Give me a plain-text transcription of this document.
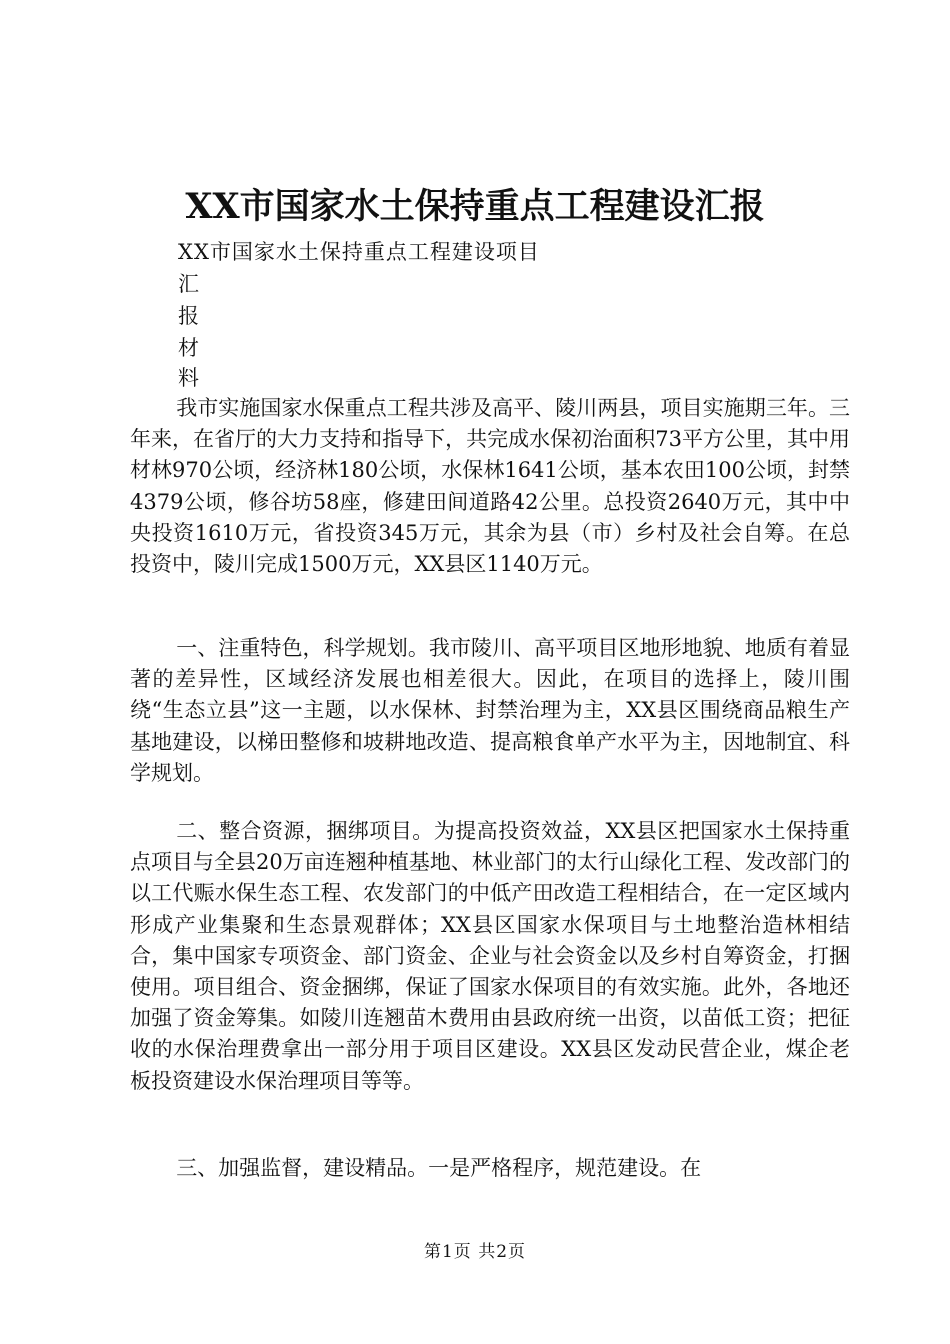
XX市国家水土保持重点工程建设汇报
XX市国家水土保持重点工程建设项目
汇
报
材
料

我市实施国家水保重点工程共涉及高平、陵川两县，项目实施期三年。三年来，在省厅的大力支持和指导下，共完成水保初治面积73平方公里，其中用材林970公顷，经济林180公顷，水保林1641公顷，基本农田100公顷，封禁4379公顷，修谷坊58座，修建田间道路42公里。总投资2640万元，其中中央投资1610万元，省投资345万元，其余为县（市）乡村及社会自筹。在总投资中，陵川完成1500万元，XX县区1140万元。

一、注重特色，科学规划。我市陵川、高平项目区地形地貌、地质有着显著的差异性，区域经济发展也相差很大。因此，在项目的选择上，陵川围绕“生态立县”这一主题，以水保林、封禁治理为主，XX县区围绕商品粮生产基地建设，以梯田整修和坡耕地改造、提高粮食单产水平为主，因地制宜、科学规划。

二、整合资源，捆绑项目。为提高投资效益，XX县区把国家水土保持重点项目与全县20万亩连翘种植基地、林业部门的太行山绿化工程、发改部门的以工代赈水保生态工程、农发部门的中低产田改造工程相结合，在一定区域内形成产业集聚和生态景观群体；XX县区国家水保项目与土地整治造林相结合，集中国家专项资金、部门资金、企业与社会资金以及乡村自筹资金，打捆使用。项目组合、资金捆绑，保证了国家水保项目的有效实施。此外，各地还加强了资金筹集。如陵川连翘苗木费用由县政府统一出资，以苗低工资；把征收的水保治理费拿出一部分用于项目区建设。XX县区发动民营企业，煤企老板投资建设水保治理项目等等。

三、加强监督，建设精品。一是严格程序，规范建设。在

第1页 共2页
